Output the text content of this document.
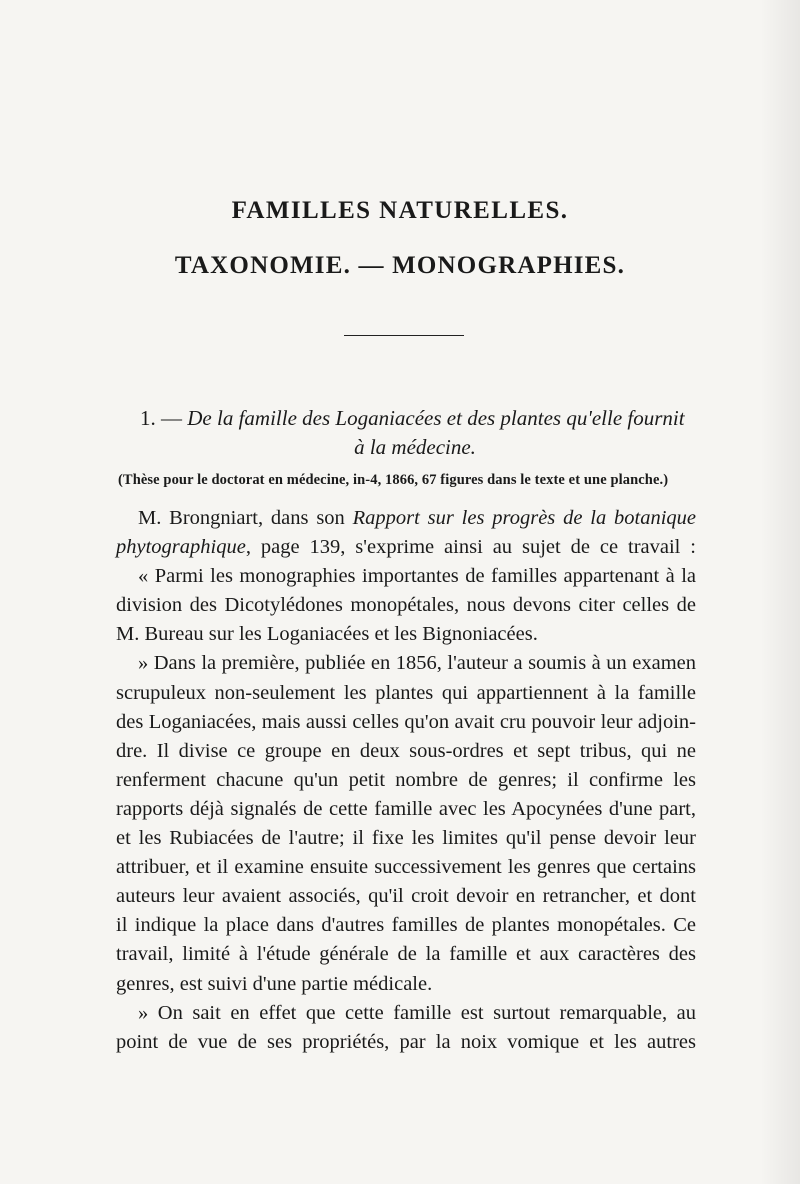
FAMILLES NATURELLES.
TAXONOMIE. — MONOGRAPHIES.
1. — De la famille des Loganiacées et des plantes qu'elle fournit
à la médecine.
(Thèse pour le doctorat en médecine, in-4, 1866, 67 figures dans le texte et une planche.)
M. Brongniart, dans son Rapport sur les progrès de la botanique
phytographique, page 139, s'exprime ainsi au sujet de ce travail :
« Parmi les monographies importantes de familles appartenant à la
division des Dicotylédones monopétales, nous devons citer celles de
M. Bureau sur les Loganiacées et les Bignoniacées.
» Dans la première, publiée en 1856, l'auteur a soumis à un examen
scrupuleux non-seulement les plantes qui appartiennent à la famille
des Loganiacées, mais aussi celles qu'on avait cru pouvoir leur adjoin-
dre. Il divise ce groupe en deux sous-ordres et sept tribus, qui ne
renferment chacune qu'un petit nombre de genres; il confirme les
rapports déjà signalés de cette famille avec les Apocynées d'une part,
et les Rubiacées de l'autre; il fixe les limites qu'il pense devoir leur
attribuer, et il examine ensuite successivement les genres que certains
auteurs leur avaient associés, qu'il croit devoir en retrancher, et dont
il indique la place dans d'autres familles de plantes monopétales. Ce
travail, limité à l'étude générale de la famille et aux caractères des
genres, est suivi d'une partie médicale.
» On sait en effet que cette famille est surtout remarquable, au
point de vue de ses propriétés, par la noix vomique et les autres
